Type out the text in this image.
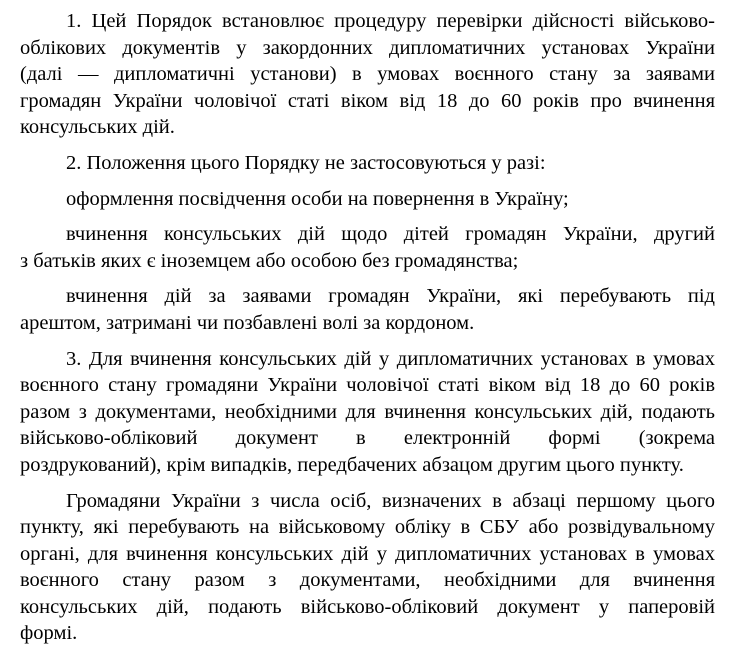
1. Цей Порядок встановлює процедуру перевірки дійсності військово-
облікових документів у закордонних дипломатичних установах України
(далі — дипломатичні установи) в умовах воєнного стану за заявами
громадян України чоловічої статі віком від 18 до 60 років про вчинення
консульських дій.
2. Положення цього Порядку не застосовуються у разі:
оформлення посвідчення особи на повернення в Україну;
вчинення консульських дій щодо дітей громадян України, другий
з батьків яких є іноземцем або особою без громадянства;
вчинення дій за заявами громадян України, які перебувають під
арештом, затримані чи позбавлені волі за кордоном.
3. Для вчинення консульських дій у дипломатичних установах в умовах
воєнного стану громадяни України чоловічої статі віком від 18 до 60 років
разом з документами, необхідними для вчинення консульських дій, подають
військово-обліковий документ в електронній формі (зокрема
роздрукований), крім випадків, передбачених абзацом другим цього пункту.
Громадяни України з числа осіб, визначених в абзаці першому цього
пункту, які перебувають на військовому обліку в СБУ або розвідувальному
органі, для вчинення консульських дій у дипломатичних установах в умовах
воєнного стану разом з документами, необхідними для вчинення
консульських дій, подають військово-обліковий документ у паперовій
формі.
